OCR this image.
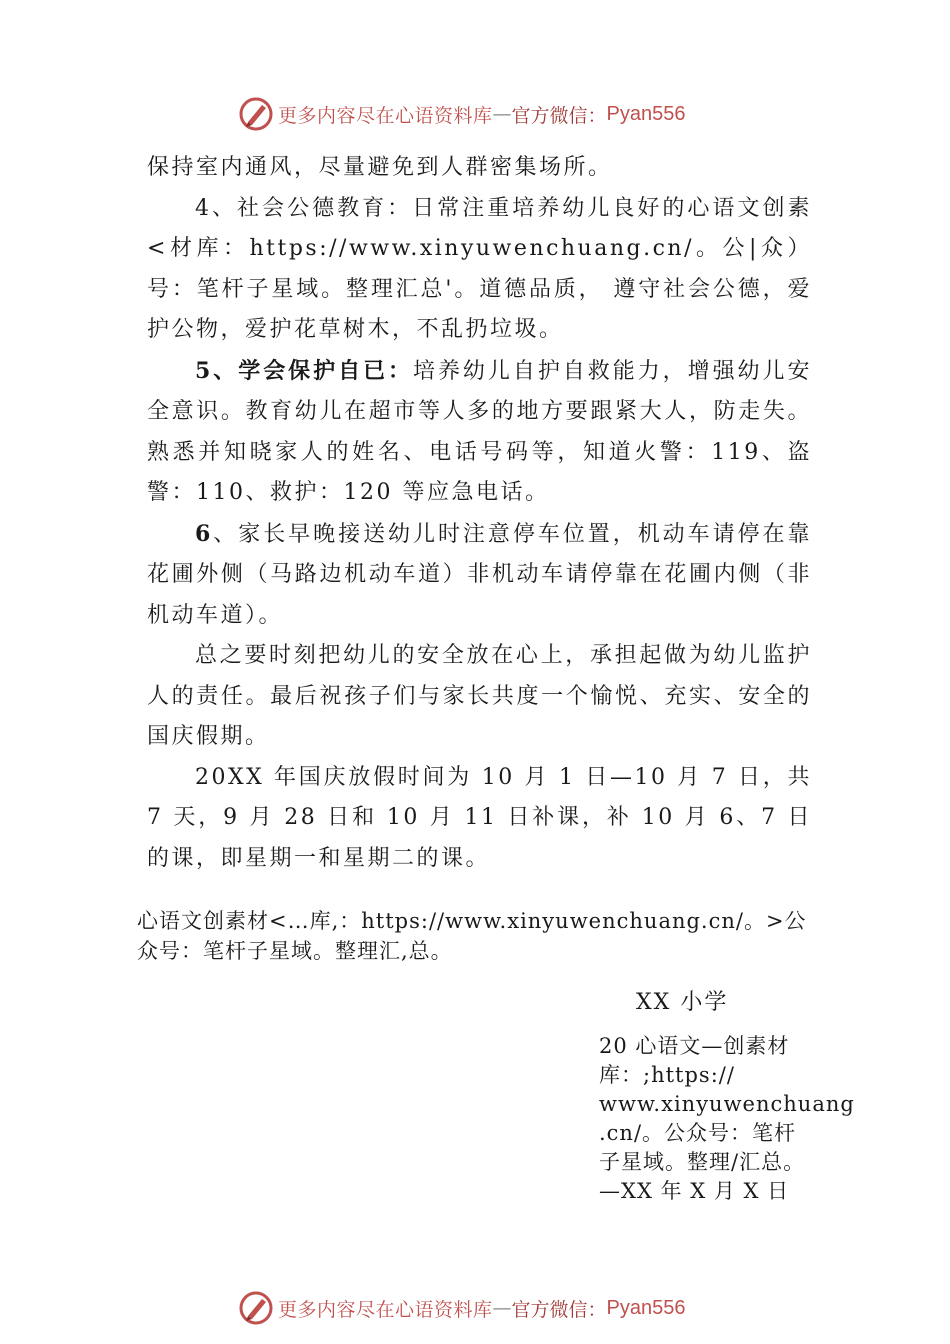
更多内容尽在心语资料库 — 官方微信： Pyan556

保持室内通风，尽量避免到人群密集场所。

4、社会公德教育：日常注重培养幼儿良好的心语文创素<材库：https://www.xinyuwenchuang.cn/。公|众）号：笔杆子星域。整理汇总'。道德品质， 遵守社会公德，爱护公物，爱护花草树木，不乱扔垃圾。

5、学会保护自已：培养幼儿自护自救能力，增强幼儿安全意识。教育幼儿在超市等人多的地方要跟紧大人，防走失。熟悉并知晓家人的姓名、电话号码等，知道火警：119、盗警：110、救护：120 等应急电话。

6、家长早晚接送幼儿时注意停车位置，机动车请停在靠花圃外侧（马路边机动车道）非机动车请停靠在花圃内侧（非机动车道）。

总之要时刻把幼儿的安全放在心上，承担起做为幼儿监护人的责任。最后祝孩子们与家长共度一个愉悦、充实、安全的国庆假期。

20XX 年国庆放假时间为 10 月 1 日—10 月 7 日，共 7 天，9 月 28 日和 10 月 11 日补课，补 10 月 6、7 日的课，即星期一和星期二的课。

心语文创素材<…库,：https://www.xinyuwenchuang.cn/。>公
众号：笔杆子星域。整理汇,总。
XX 小学
20 心语文—创素材
库：;https://
www.xinyuwenchuang
.cn/。公众号：笔杆
子星域。整理/汇总。
—XX 年 X 月 X 日
更多内容尽在心语资料库 — 官方微信： Pyan556
